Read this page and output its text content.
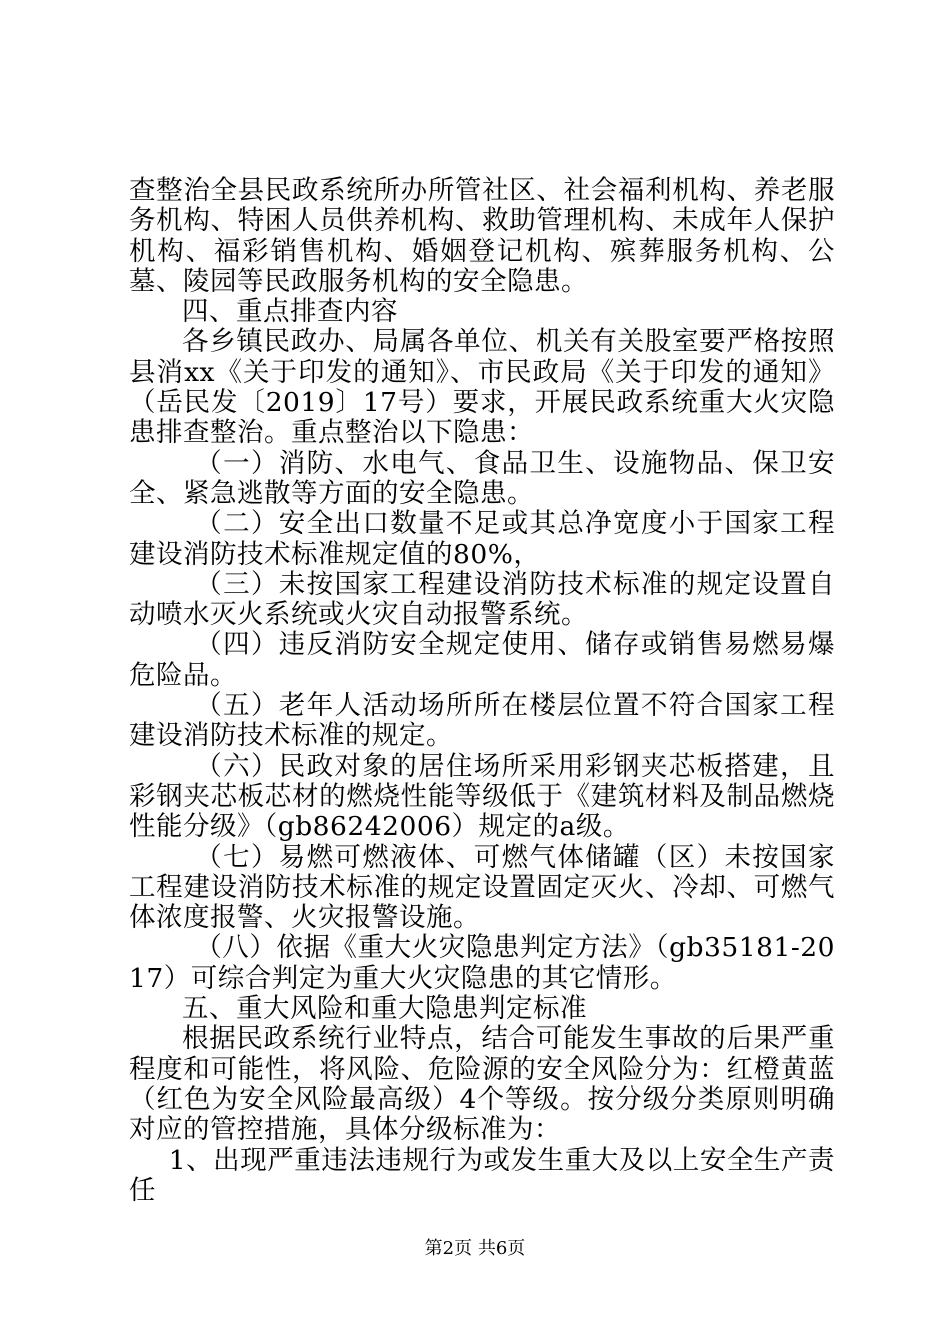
查整治全县民政系统所办所管社区、社会福利机构、养老服务机构、特困人员供养机构、救助管理机构、未成年人保护机构、福彩销售机构、婚姻登记机构、殡葬服务机构、公墓、陵园等民政服务机构的安全隐患。

四、重点排查内容

各乡镇民政办、局属各单位、机关有关股室要严格按照县消xx《关于印发的通知》、市民政局《关于印发的通知》（岳民发〔2019〕17号）要求，开展民政系统重大火灾隐患排查整治。重点整治以下隐患：

（一）消防、水电气、食品卫生、设施物品、保卫安全、紧急逃散等方面的安全隐患。

（二）安全出口数量不足或其总净宽度小于国家工程建设消防技术标准规定值的80%，

（三）未按国家工程建设消防技术标准的规定设置自动喷水灭火系统或火灾自动报警系统。

（四）违反消防安全规定使用、储存或销售易燃易爆危险品。

（五）老年人活动场所所在楼层位置不符合国家工程建设消防技术标准的规定。

（六）民政对象的居住场所采用彩钢夹芯板搭建，且彩钢夹芯板芯材的燃烧性能等级低于《建筑材料及制品燃烧性能分级》（gb86242006）规定的a级。

（七）易燃可燃液体、可燃气体储罐（区）未按国家工程建设消防技术标准的规定设置固定灭火、冷却、可燃气体浓度报警、火灾报警设施。

（八）依据《重大火灾隐患判定方法》（gb35181-2017）可综合判定为重大火灾隐患的其它情形。

五、重大风险和重大隐患判定标准

根据民政系统行业特点，结合可能发生事故的后果严重程度和可能性，将风险、危险源的安全风险分为：红橙黄蓝（红色为安全风险最高级）4个等级。按分级分类原则明确对应的管控措施，具体分级标准为：

1、出现严重违法违规行为或发生重大及以上安全生产责任

第2页 共6页
